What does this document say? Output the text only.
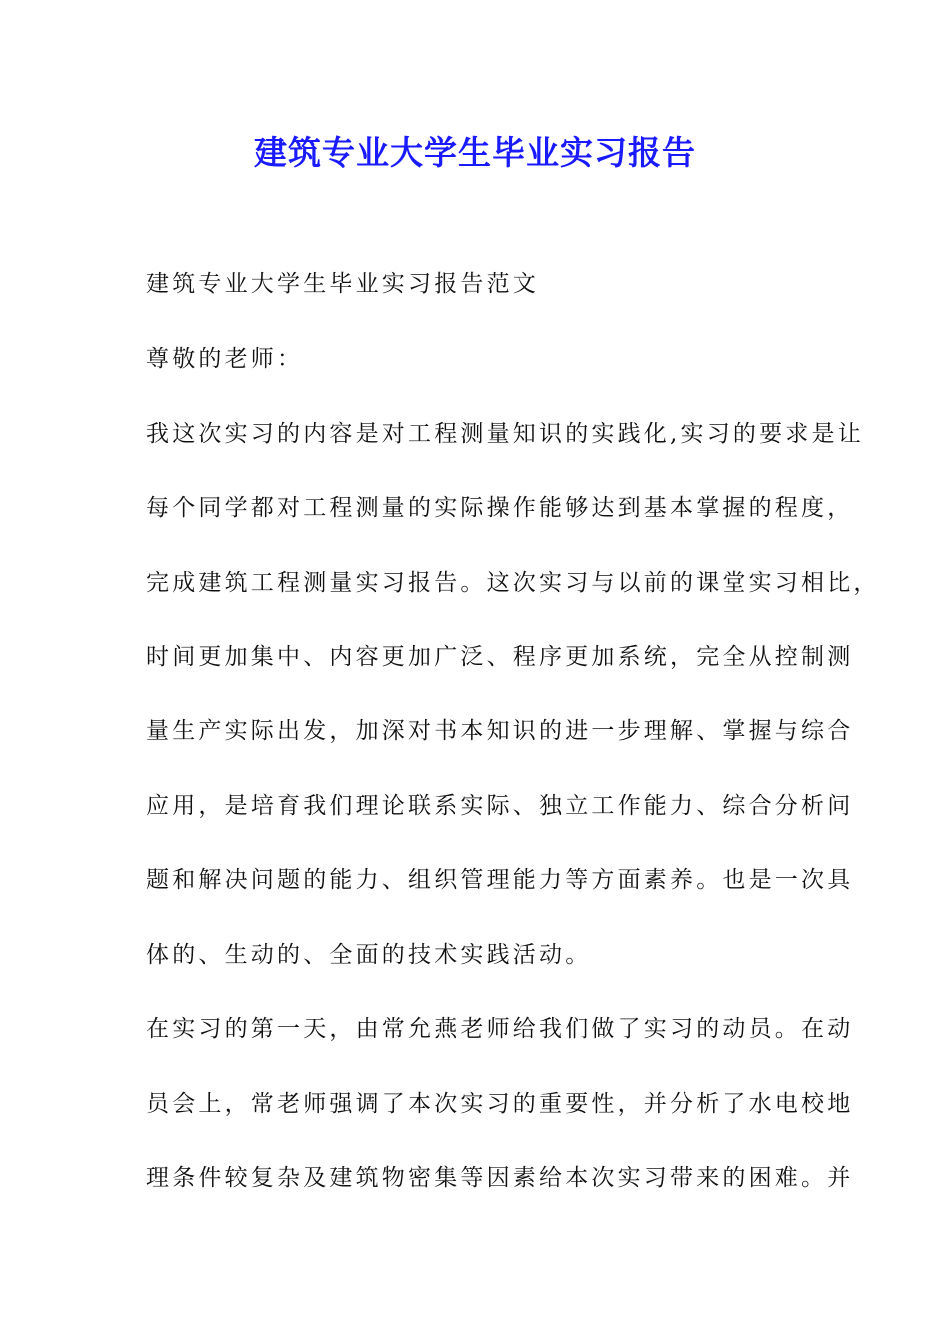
建筑专业大学生毕业实习报告

建筑专业大学生毕业实习报告范文

尊敬的老师：

我这次实习的内容是对工程测量知识的实践化,实习的要求是让

每个同学都对工程测量的实际操作能够达到基本掌握的程度，

完成建筑工程测量实习报告。这次实习与以前的课堂实习相比，

时间更加集中、内容更加广泛、程序更加系统，完全从控制测

量生产实际出发，加深对书本知识的进一步理解、掌握与综合

应用，是培育我们理论联系实际、独立工作能力、综合分析问

题和解决问题的能力、组织管理能力等方面素养。也是一次具

体的、生动的、全面的技术实践活动。

在实习的第一天，由常允燕老师给我们做了实习的动员。在动

员会上，常老师强调了本次实习的重要性，并分析了水电校地

理条件较复杂及建筑物密集等因素给本次实习带来的困难。并
